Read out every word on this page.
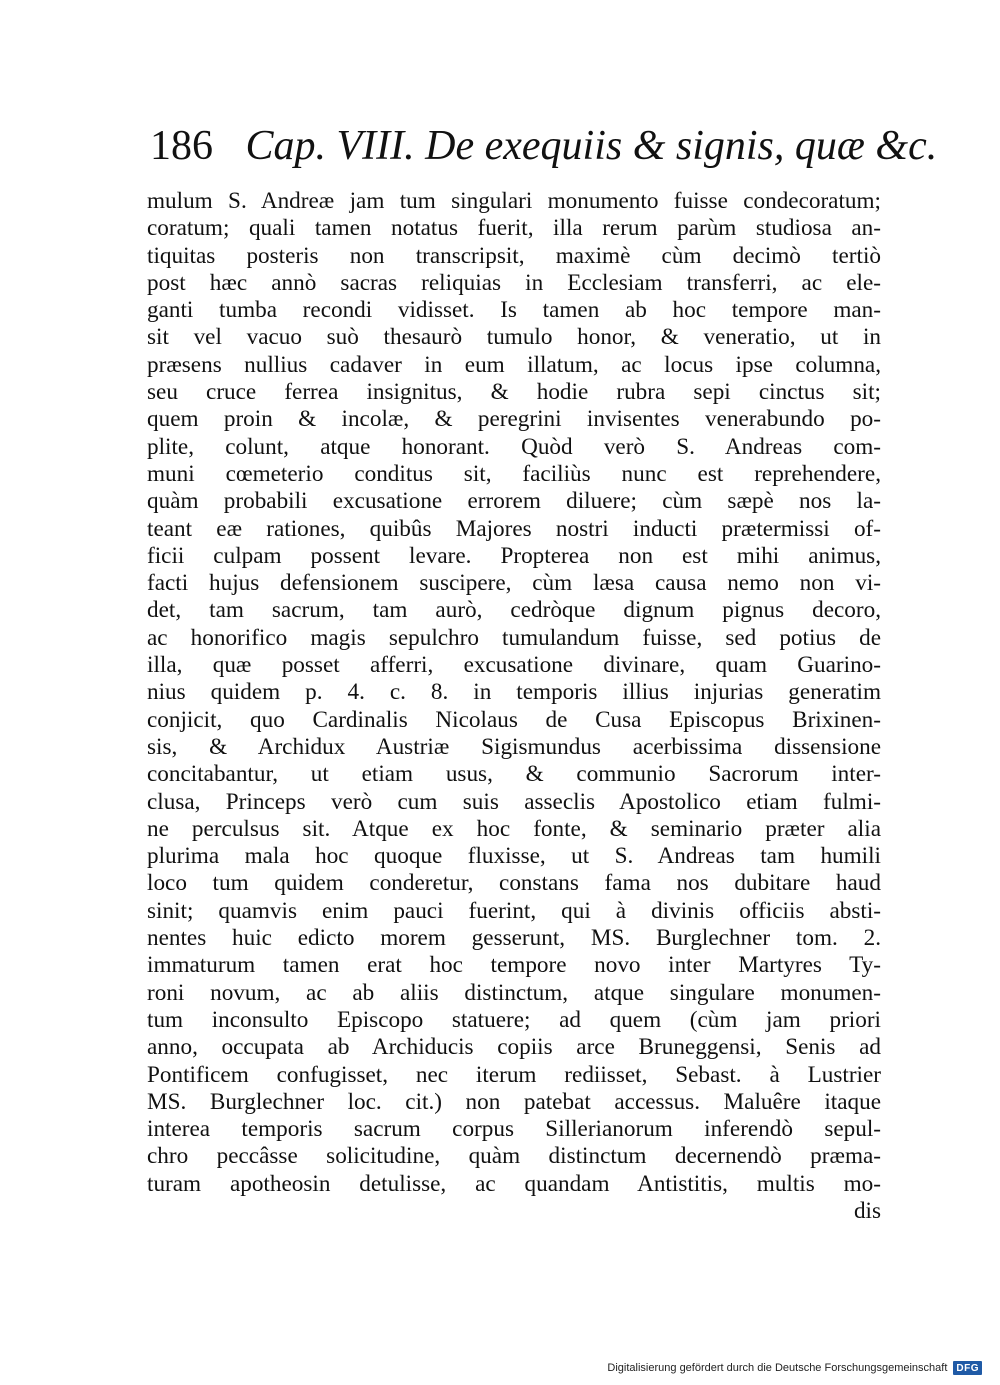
186 Cap. VIII. De exequiis & signis, quæ &c.
mulum S. Andreæ jam tum singulari monumento fuisse condecoratum;
coratum; quali tamen notatus fuerit, illa rerum parùm studiosa an-
tiquitas posteris non transcripsit, maximè cùm decimò tertiò
post hæc annò sacras reliquias in Ecclesiam transferri, ac ele-
ganti tumba recondi vidisset. Is tamen ab hoc tempore man-
sit vel vacuo suò thesaurò tumulo honor, & veneratio, ut in
præsens nullius cadaver in eum illatum, ac locus ipse columna,
seu cruce ferrea insignitus, & hodie rubra sepi cinctus sit;
quem proin & incolæ, & peregrini invisentes venerabundo po-
plite, colunt, atque honorant. Quòd verò S. Andreas com-
muni cœmeterio conditus sit, faciliùs nunc est reprehendere,
quàm probabili excusatione errorem diluere; cùm sæpè nos la-
teant eæ rationes, quibûs Majores nostri inducti prætermissi of-
ficii culpam possent levare. Propterea non est mihi animus,
facti hujus defensionem suscipere, cùm læsa causa nemo non vi-
det, tam sacrum, tam aurò, cedròque dignum pignus decoro,
ac honorifico magis sepulchro tumulandum fuisse, sed potius de
illa, quæ posset afferri, excusatione divinare, quam Guarino-
nius quidem p. 4. c. 8. in temporis illius injurias generatim
conjicit, quo Cardinalis Nicolaus de Cusa Episcopus Brixinen-
sis, & Archidux Austriæ Sigismundus acerbissima dissensione
concitabantur, ut etiam usus, & communio Sacrorum inter-
clusa, Princeps verò cum suis asseclis Apostolico etiam fulmi-
ne perculsus sit. Atque ex hoc fonte, & seminario præter alia
plurima mala hoc quoque fluxisse, ut S. Andreas tam humili
loco tum quidem conderetur, constans fama nos dubitare haud
sinit; quamvis enim pauci fuerint, qui à divinis officiis absti-
nentes huic edicto morem gesserunt, MS. Burglechner tom. 2.
immaturum tamen erat hoc tempore novo inter Martyres Ty-
roni novum, ac ab aliis distinctum, atque singulare monumen-
tum inconsulto Episcopo statuere; ad quem (cùm jam priori
anno, occupata ab Archiducis copiis arce Bruneggensi, Senis ad
Pontificem confugisset, nec iterum rediisset, Sebast. à Lustrier
MS. Burglechner loc. cit.) non patebat accessus. Maluêre itaque
interea temporis sacrum corpus Sillerianorum inferendò sepul-
chro peccâsse solicitudine, quàm distinctum decernendò præma-
turam apotheosin detulisse, ac quandam Antistitis, multis mo-
dis
Digitalisierung gefördert durch die Deutsche Forschungsgemeinschaft DFG
